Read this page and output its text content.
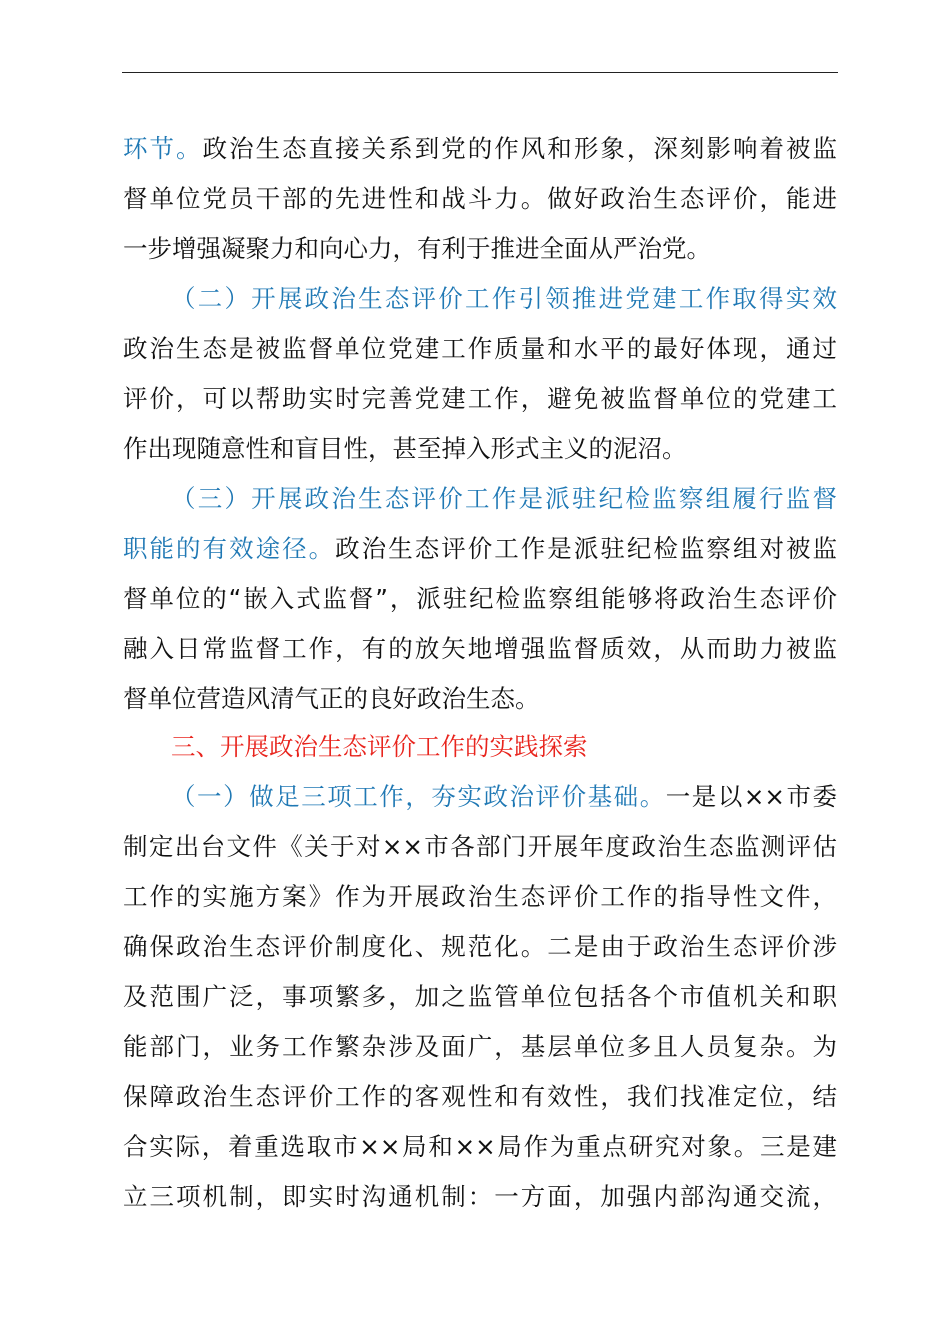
环节。政治生态直接关系到党的作风和形象，深刻影响着被监
督单位党员干部的先进性和战斗力。做好政治生态评价，能进
一步增强凝聚力和向心力，有利于推进全面从严治党。
（二）开展政治生态评价工作引领推进党建工作取得实效
政治生态是被监督单位党建工作质量和水平的最好体现，通过
评价，可以帮助实时完善党建工作，避免被监督单位的党建工
作出现随意性和盲目性，甚至掉入形式主义的泥沼。
（三）开展政治生态评价工作是派驻纪检监察组履行监督
职能的有效途径。政治生态评价工作是派驻纪检监察组对被监
督单位的“嵌入式监督”，派驻纪检监察组能够将政治生态评价
融入日常监督工作，有的放矢地增强监督质效，从而助力被监
督单位营造风清气正的良好政治生态。
三、开展政治生态评价工作的实践探索
（一）做足三项工作，夯实政治评价基础。一是以××市委
制定出台文件《关于对××市各部门开展年度政治生态监测评估
工作的实施方案》作为开展政治生态评价工作的指导性文件，
确保政治生态评价制度化、规范化。二是由于政治生态评价涉
及范围广泛，事项繁多，加之监管单位包括各个市值机关和职
能部门，业务工作繁杂涉及面广，基层单位多且人员复杂。为
保障政治生态评价工作的客观性和有效性，我们找准定位，结
合实际，着重选取市××局和××局作为重点研究对象。三是建
立三项机制，即实时沟通机制：一方面，加强内部沟通交流，
